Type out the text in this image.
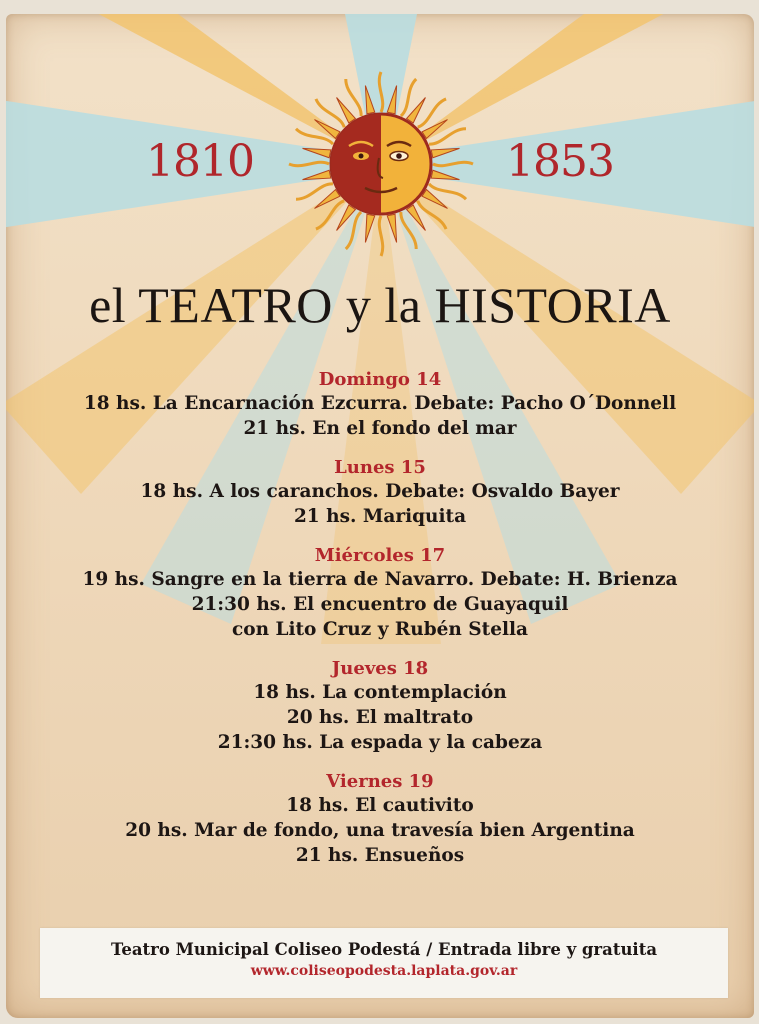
1810	1853
el TEATRO y la HISTORIA
Domingo 14
18 hs. La Encarnación Ezcurra. Debate: Pacho O´Donnell
21 hs. En el fondo del mar
Lunes 15
18 hs. A los caranchos. Debate: Osvaldo Bayer
21 hs. Mariquita
Miércoles 17
19 hs. Sangre en la tierra de Navarro. Debate: H. Brienza
21:30 hs. El encuentro de Guayaquil
con Lito Cruz y Rubén Stella
Jueves 18
18 hs. La contemplación
20 hs. El maltrato
21:30 hs. La espada y la cabeza
Viernes 19
18 hs. El cautivito
20 hs. Mar de fondo, una travesía bien Argentina
21 hs. Ensueños
Teatro Municipal Coliseo Podestá / Entrada libre y gratuita
www.coliseopodesta.laplata.gov.ar
